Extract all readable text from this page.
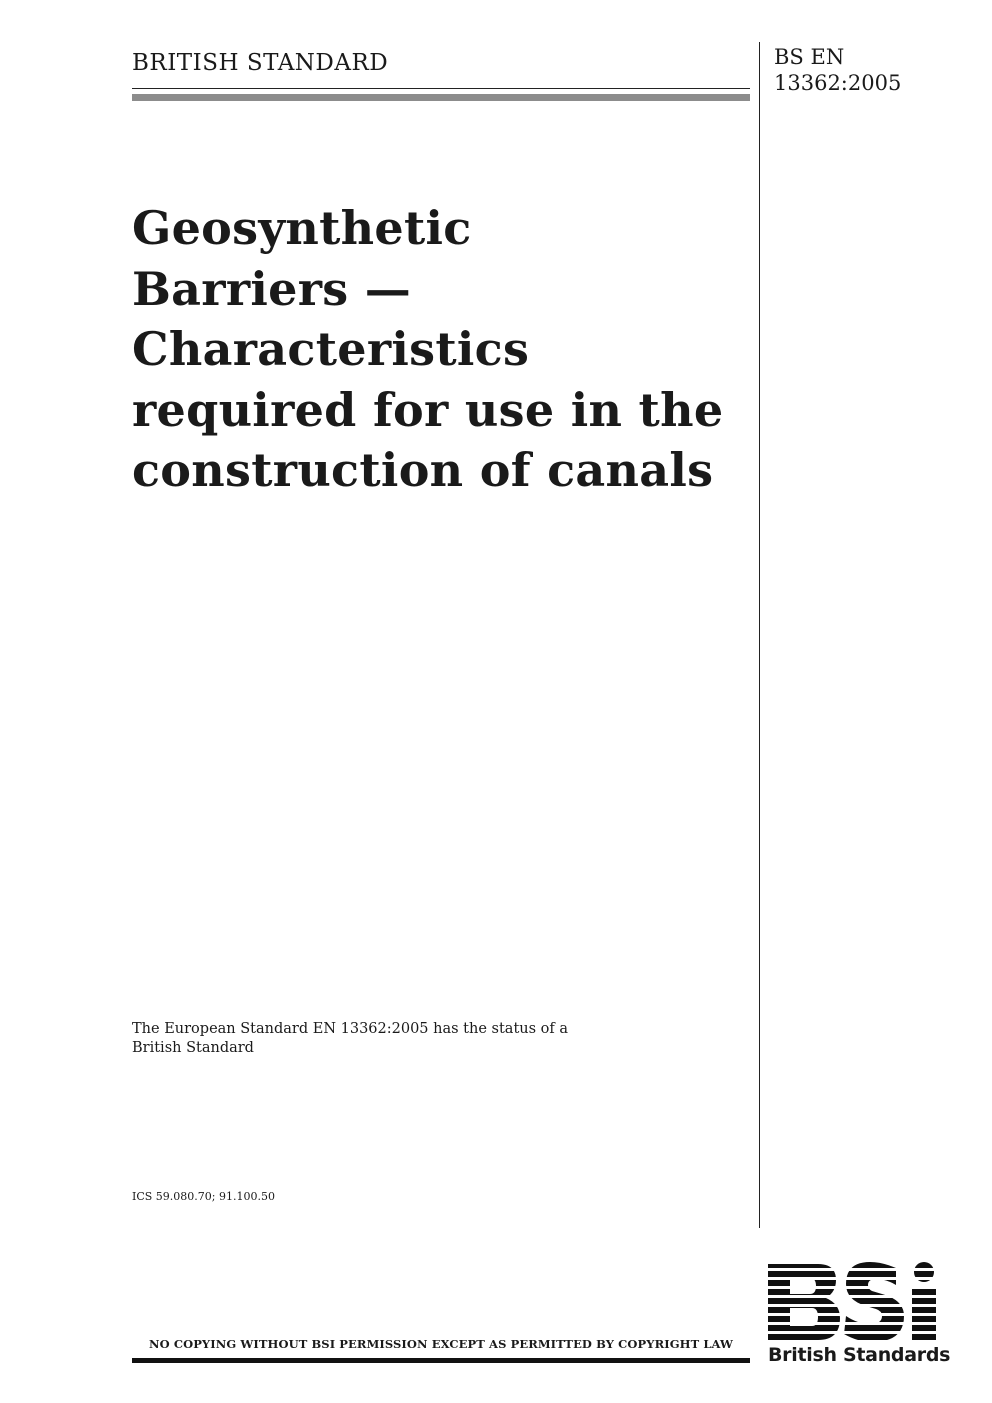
BRITISH STANDARD	BS EN
13362:2005
Geosynthetic
Barriers —
Characteristics
required for use in the
construction of canals
The European Standard EN 13362:2005 has the status of a
British Standard
ICS 59.080.70; 91.100.50
NO COPYING WITHOUT BSI PERMISSION EXCEPT AS PERMITTED BY COPYRIGHT LAW	British Standards
